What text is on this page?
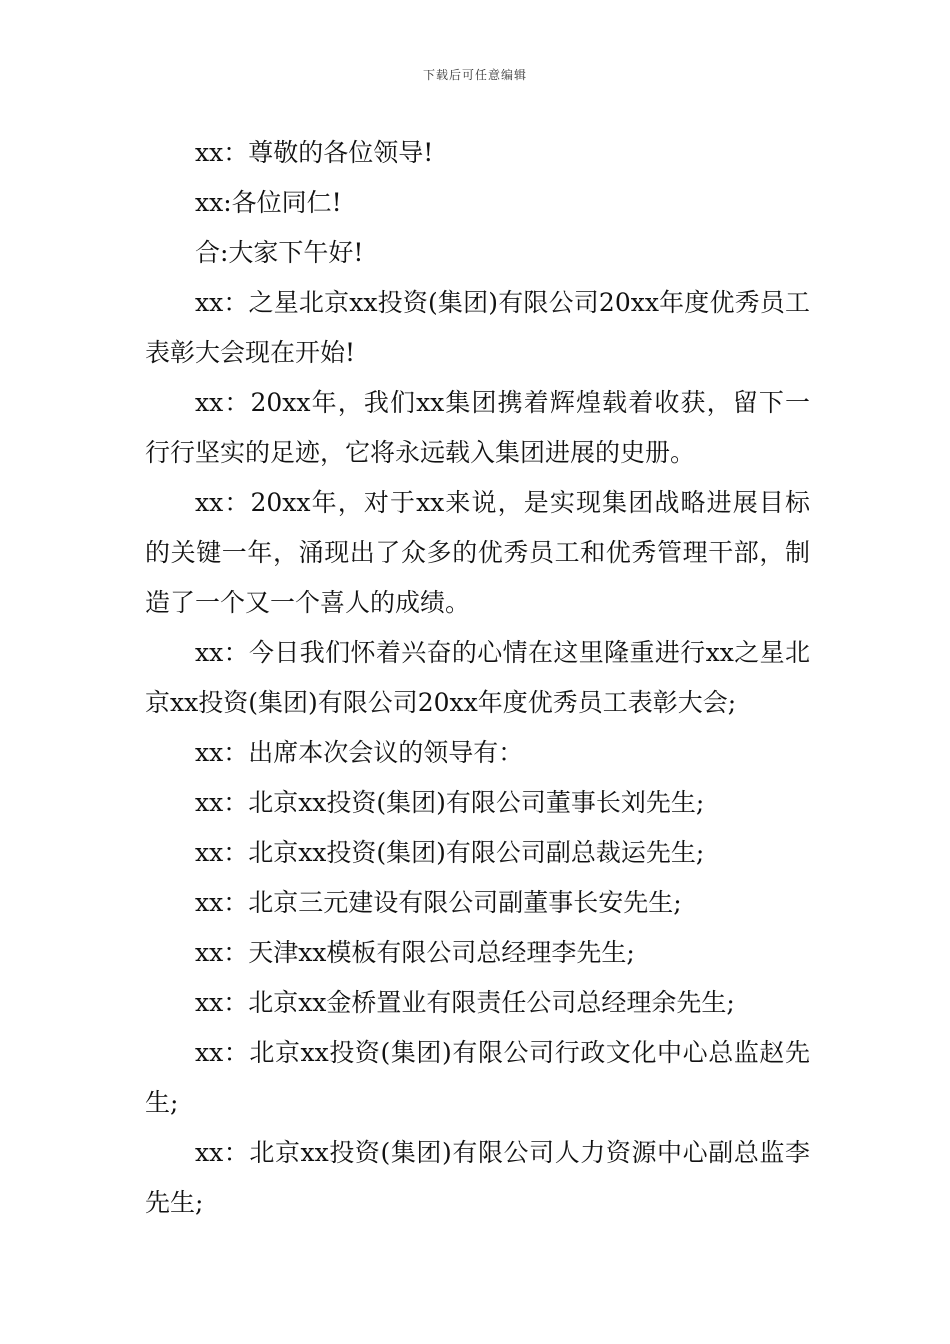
下载后可任意编辑

xx：尊敬的各位领导!

xx:各位同仁!

合:大家下午好!

xx：之星北京xx投资(集团)有限公司20xx年度优秀员工表彰大会现在开始!

xx：20xx年，我们xx集团携着辉煌载着收获，留下一行行坚实的足迹，它将永远载入集团进展的史册。

xx：20xx年，对于xx来说，是实现集团战略进展目标的关键一年，涌现出了众多的优秀员工和优秀管理干部，制造了一个又一个喜人的成绩。

xx：今日我们怀着兴奋的心情在这里隆重进行xx之星北京xx投资(集团)有限公司20xx年度优秀员工表彰大会;

xx：出席本次会议的领导有：

xx：北京xx投资(集团)有限公司董事长刘先生;

xx：北京xx投资(集团)有限公司副总裁运先生;

xx：北京三元建设有限公司副董事长安先生;

xx：天津xx模板有限公司总经理李先生;

xx：北京xx金桥置业有限责任公司总经理余先生;

xx：北京xx投资(集团)有限公司行政文化中心总监赵先生;

xx：北京xx投资(集团)有限公司人力资源中心副总监李先生;
